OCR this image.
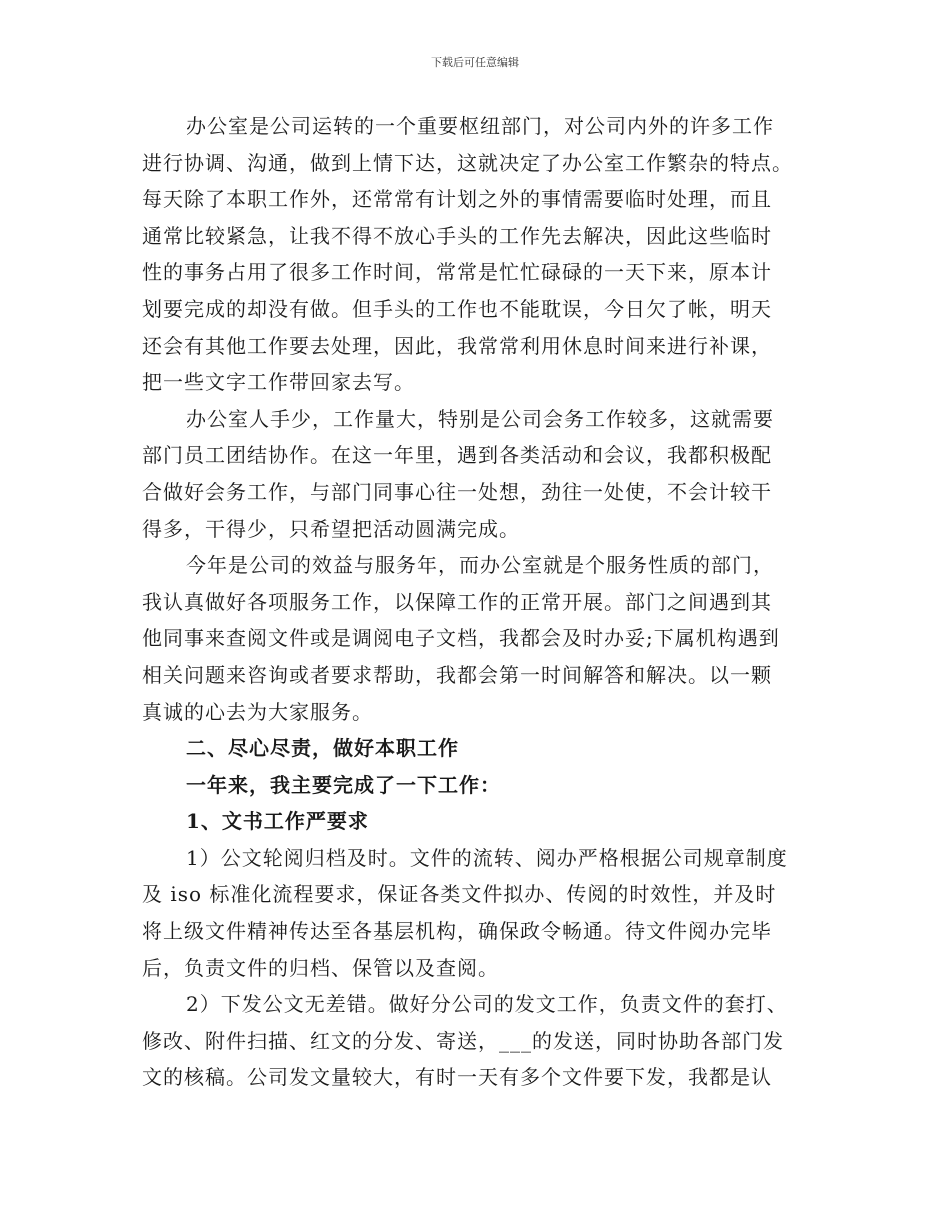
下载后可任意编辑
办公室是公司运转的一个重要枢纽部门，对公司内外的许多工作
进行协调、沟通，做到上情下达，这就决定了办公室工作繁杂的特点。
每天除了本职工作外，还常常有计划之外的事情需要临时处理，而且
通常比较紧急，让我不得不放心手头的工作先去解决，因此这些临时
性的事务占用了很多工作时间，常常是忙忙碌碌的一天下来，原本计
划要完成的却没有做。但手头的工作也不能耽误，今日欠了帐，明天
还会有其他工作要去处理，因此，我常常利用休息时间来进行补课，
把一些文字工作带回家去写。
办公室人手少，工作量大，特别是公司会务工作较多，这就需要
部门员工团结协作。在这一年里，遇到各类活动和会议，我都积极配
合做好会务工作，与部门同事心往一处想，劲往一处使，不会计较干
得多，干得少，只希望把活动圆满完成。
今年是公司的效益与服务年，而办公室就是个服务性质的部门，
我认真做好各项服务工作，以保障工作的正常开展。部门之间遇到其
他同事来查阅文件或是调阅电子文档，我都会及时办妥;下属机构遇到
相关问题来咨询或者要求帮助，我都会第一时间解答和解决。以一颗
真诚的心去为大家服务。
二、尽心尽责，做好本职工作
一年来，我主要完成了一下工作：
1、文书工作严要求
1）公文轮阅归档及时。文件的流转、阅办严格根据公司规章制度
及 iso 标准化流程要求，保证各类文件拟办、传阅的时效性，并及时
将上级文件精神传达至各基层机构，确保政令畅通。待文件阅办完毕
后，负责文件的归档、保管以及查阅。
2）下发公文无差错。做好分公司的发文工作，负责文件的套打、
修改、附件扫描、红文的分发、寄送，___的发送，同时协助各部门发
文的核稿。公司发文量较大，有时一天有多个文件要下发，我都是认
